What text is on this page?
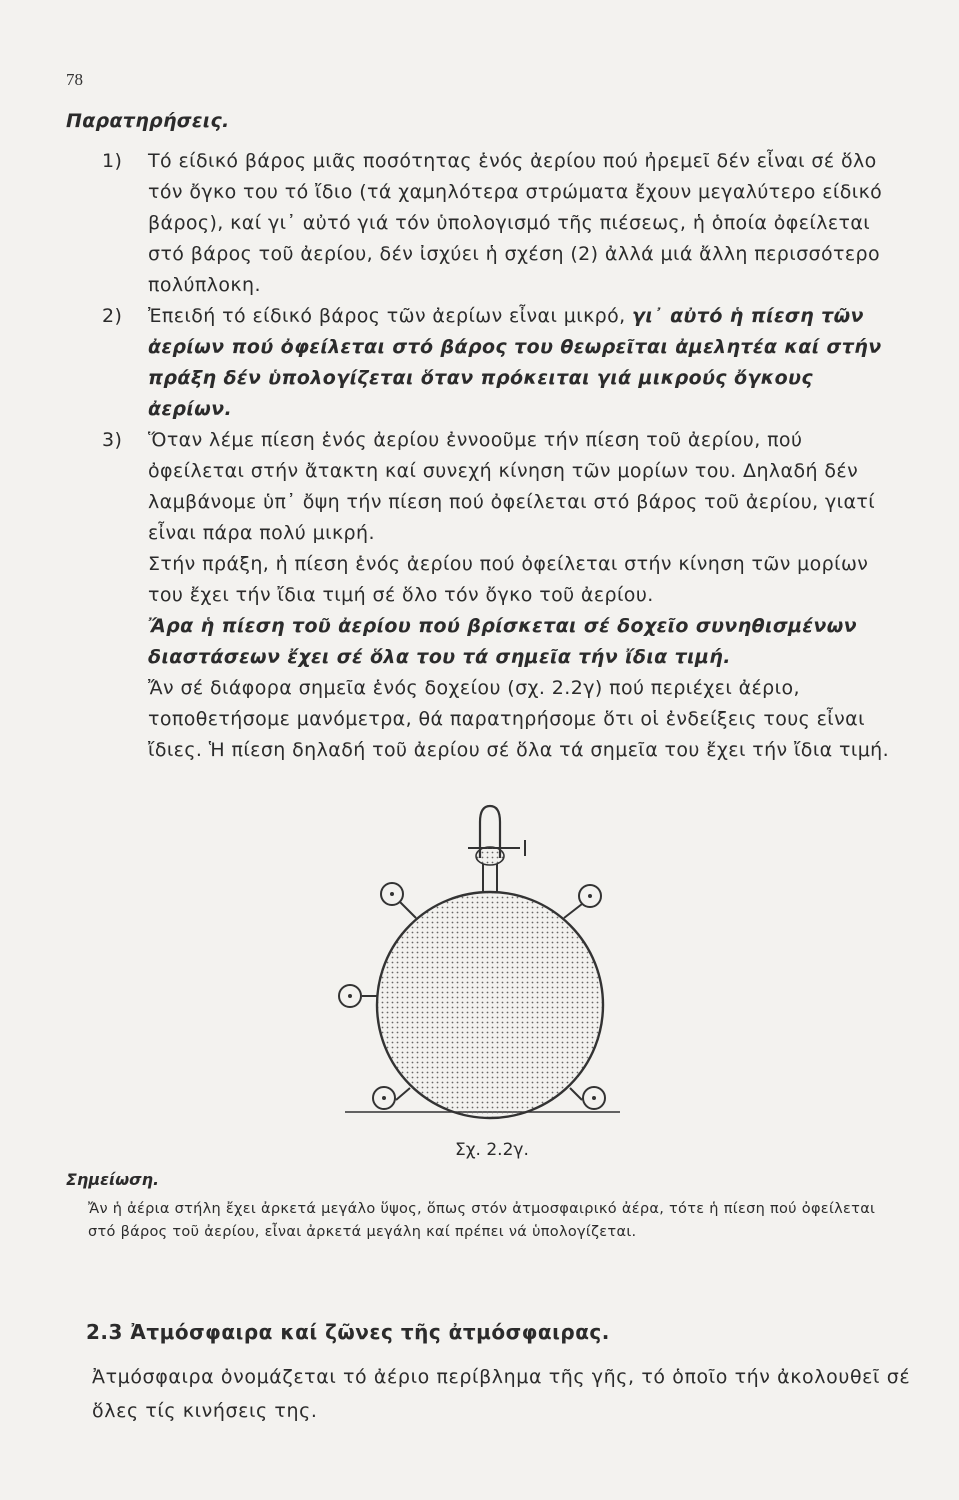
78
Παρατηρήσεις.
1)	Τό είδικό βάρος μιᾶς ποσότητας ἑνός ἀερίου πού ἠρεμεῖ δέν εἶναι σέ ὅλο τόν ὄγκο του τό ἴδιο (τά χαμηλότερα στρώματα ἔχουν μεγαλύτερο είδικό βάρος), καί γι᾽ αὐτό γιά τόν ὑπολογισμό τῆς πιέσεως, ἡ ὁποία ὀφείλεται στό βάρος τοῦ ἀερίου, δέν ἰσχύει ἡ σχέση (2) ἀλλά μιά ἄλλη περισσότερο πολύπλοκη.

2)	Ἐπειδή τό είδικό βάρος τῶν ἀερίων εἶναι μικρό, γι᾽ αὐτό ἡ πίεση τῶν ἀερίων πού ὀφείλεται στό βάρος του θεωρεῖται ἀμελητέα καί στήν πράξη δέν ὑπολογίζεται ὅταν πρόκειται γιά μικρούς ὄγκους ἀερίων.

3)	Ὅταν λέμε πίεση ἑνός ἀερίου ἐννοοῦμε τήν πίεση τοῦ ἀερίου, πού ὀφείλεται στήν ἄτακτη καί συνεχή κίνηση τῶν μορίων του. Δηλαδή δέν λαμβάνομε ὑπ᾽ ὄψη τήν πίεση πού ὀφείλεται στό βάρος τοῦ ἀερίου, γιατί εἶναι πάρα πολύ μικρή.

Στήν πράξη, ἡ πίεση ἑνός ἀερίου πού ὀφείλεται στήν κίνηση τῶν μορίων του ἔχει τήν ἴδια τιμή σέ ὅλο τόν ὄγκο τοῦ ἀερίου.

Ἄρα ἡ πίεση τοῦ ἀερίου πού βρίσκεται σέ δοχεῖο συνηθισμένων διαστάσεων ἔχει σέ ὅλα του τά σημεῖα τήν ἴδια τιμή.

Ἄν σέ διάφορα σημεῖα ἑνός δοχείου (σχ. 2.2γ) πού περιέχει ἀέριο, τοποθετήσομε μανόμετρα, θά παρατηρήσομε ὅτι οἱ ἐνδείξεις τους εἶναι ἴδιες. Ἡ πίεση δηλαδή τοῦ ἀερίου σέ ὅλα τά σημεῖα του ἔχει τήν ἴδια τιμή.

Σχ. 2.2γ.
Σημείωση.
Ἄν ἡ ἀέρια στήλη ἔχει ἀρκετά μεγάλο ὕψος, ὅπως στόν ἀτμοσφαιρικό ἀέρα, τότε ἡ πίεση πού ὀφείλεται στό βάρος τοῦ ἀερίου, εἶναι ἀρκετά μεγάλη καί πρέπει νά ὑπολογίζεται.
2.3 Ἀτμόσφαιρα καί ζῶνες τῆς ἀτμόσφαιρας.
Ἀτμόσφαιρα ὀνομάζεται τό ἀέριο περίβλημα τῆς γῆς, τό ὁποῖο τήν ἀκολουθεῖ σέ ὅλες τίς κινήσεις της.
